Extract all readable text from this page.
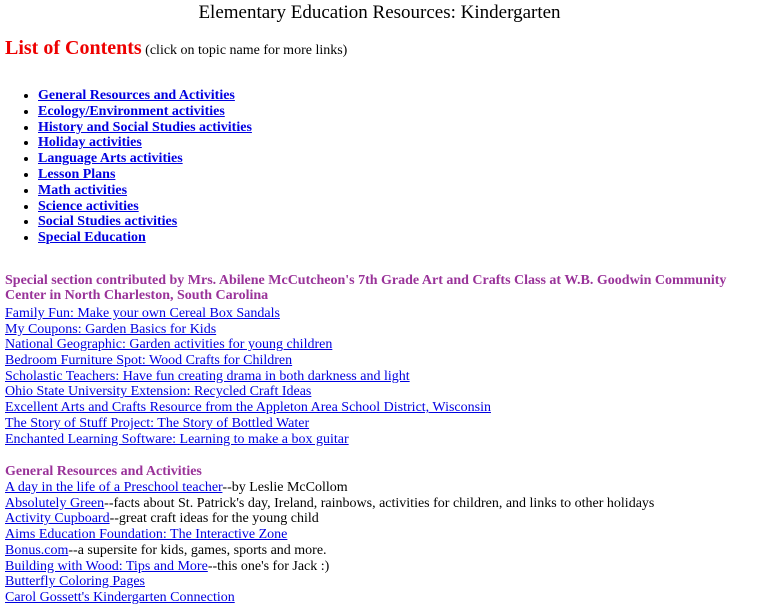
Elementary Education Resources: Kindergarten
List of Contents (click on topic name for more links)
• General Resources and Activities
• Ecology/Environment activities
• History and Social Studies activities
• Holiday activities
• Language Arts activities
• Lesson Plans
• Math activities
• Science activities
• Social Studies activities
• Special Education
Special section contributed by Mrs. Abilene McCutcheon's 7th Grade Art and Crafts Class at W.B. Goodwin Community Center in North Charleston, South Carolina
Family Fun: Make your own Cereal Box Sandals
My Coupons: Garden Basics for Kids
National Geographic: Garden activities for young children
Bedroom Furniture Spot: Wood Crafts for Children
Scholastic Teachers: Have fun creating drama in both darkness and light
Ohio State University Extension: Recycled Craft Ideas
Excellent Arts and Crafts Resource from the Appleton Area School District, Wisconsin
The Story of Stuff Project: The Story of Bottled Water
Enchanted Learning Software: Learning to make a box guitar
General Resources and Activities
A day in the life of a Preschool teacher--by Leslie McCollom
Absolutely Green--facts about St. Patrick's day, Ireland, rainbows, activities for children, and links to other holidays
Activity Cupboard--great craft ideas for the young child
Aims Education Foundation: The Interactive Zone
Bonus.com--a supersite for kids, games, sports and more.
Building with Wood: Tips and More--this one's for Jack :)
Butterfly Coloring Pages
Carol Gossett's Kindergarten Connection
